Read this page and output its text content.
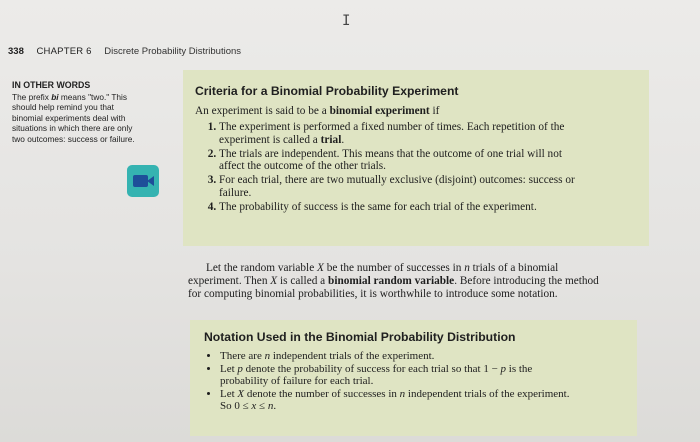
I
338 CHAPTER 6 Discrete Probability Distributions
IN OTHER WORDS
The prefix bi means "two." This
should help remind you that
binomial experiments deal with
situations in which there are only
two outcomes: success or failure.
Criteria for a Binomial Probability Experiment
An experiment is said to be a binomial experiment if
1. The experiment is performed a fixed number of times. Each repetition of the
experiment is called a trial.
2. The trials are independent. This means that the outcome of one trial will not
affect the outcome of the other trials.
3. For each trial, there are two mutually exclusive (disjoint) outcomes: success or
failure.
4. The probability of success is the same for each trial of the experiment.
Let the random variable X be the number of successes in n trials of a binomial
experiment. Then X is called a binomial random variable. Before introducing the method
for computing binomial probabilities, it is worthwhile to introduce some notation.
Notation Used in the Binomial Probability Distribution
• There are n independent trials of the experiment.
• Let p denote the probability of success for each trial so that 1 − p is the
probability of failure for each trial.
• Let X denote the number of successes in n independent trials of the experiment.
So 0 ≤ x ≤ n.
